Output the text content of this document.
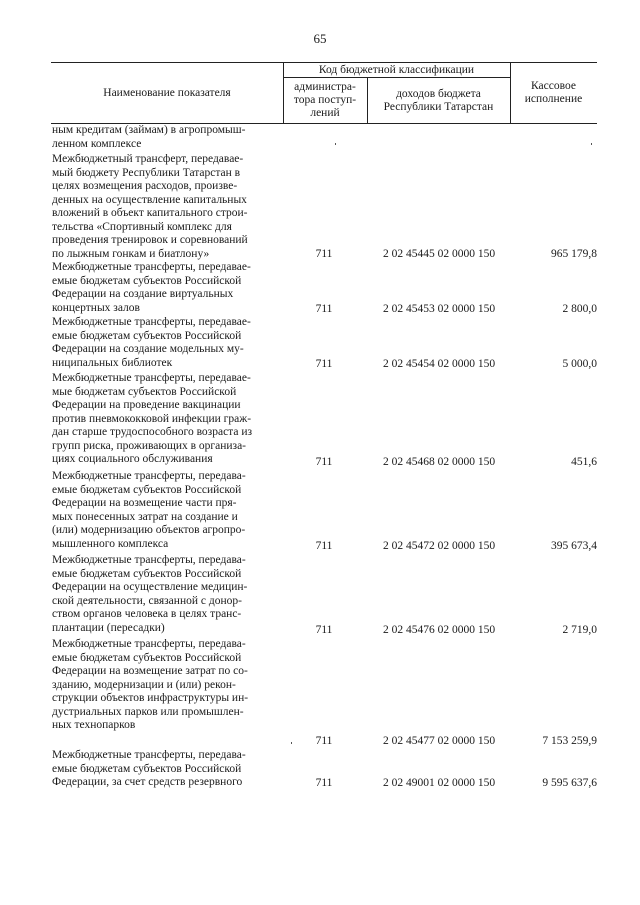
65
Наименование показателя
Код бюджетной классификации
администра-
тора поступ-
лений
доходов бюджета
Республики Татарстан
Кассовое
исполнение
ным кредитам (займам) в агропромыш-
ленном комплексе
Межбюджетный трансферт, передавае-
мый бюджету Республики Татарстан в
целях возмещения расходов, произве-
денных на осуществление капитальных
вложений в объект капитального строи-
тельства «Спортивный комплекс для
проведения тренировок и соревнований
по лыжным гонкам и биатлону»	711	2 02 45445 02 0000 150	965 179,8
Межбюджетные трансферты, передавае-
емые бюджетам субъектов Российской
Федерации на создание виртуальных
концертных залов	711	2 02 45453 02 0000 150	2 800,0
Межбюджетные трансферты, передавае-
емые бюджетам субъектов Российской
Федерации на создание модельных му-
ниципальных библиотек	711	2 02 45454 02 0000 150	5 000,0
Межбюджетные трансферты, передавае-
мые бюджетам субъектов Российской
Федерации на проведение вакцинации
против пневмококковой инфекции граж-
дан старше трудоспособного возраста из
групп риска, проживающих в организа-
циях социального обслуживания	711	2 02 45468 02 0000 150	451,6
Межбюджетные трансферты, передава-
емые бюджетам субъектов Российской
Федерации на возмещение части пря-
мых понесенных затрат на создание и
(или) модернизацию объектов агропро-
мышленного комплекса	711	2 02 45472 02 0000 150	395 673,4
Межбюджетные трансферты, передава-
емые бюджетам субъектов Российской
Федерации на осуществление медицин-
ской деятельности, связанной с донор-
ством органов человека в целях транс-
плантации (пересадки)	711	2 02 45476 02 0000 150	2 719,0
Межбюджетные трансферты, передава-
емые бюджетам субъектов Российской
Федерации на возмещение затрат по со-
зданию, модернизации и (или) рекон-
струкции объектов инфраструктуры ин-
дустриальных парков или промышлен-
ных технопарков
711	2 02 45477 02 0000 150	7 153 259,9
Межбюджетные трансферты, передава-
емые бюджетам субъектов Российской
Федерации, за счет средств резервного	711	2 02 49001 02 0000 150	9 595 637,6
